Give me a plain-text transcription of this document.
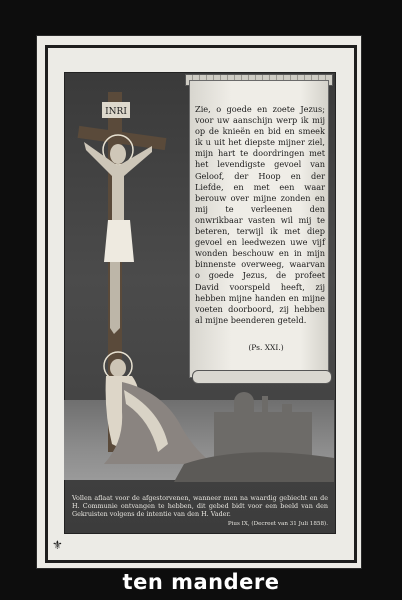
INRI	Zie, o goede en zoete Jezus; voor uw aanschijn werp ik mij op de knieën en bid en smeek ik u uit het diepste mijner ziel, mijn hart te doordringen met het levendigste gevoel van Geloof, der Hoop en der Liefde, en met een waar berouw over mijne zonden en mij te verleenen den onwrikbaar vasten wil mij te beteren, terwijl ik met diep gevoel en leedwezen uwe vijf wonden beschouw en in mijn binnenste overweeg, waarvan o goede Jezus, de profeet David voorspeld heeft, zij hebben mijne handen en mijne voeten doorboord, zij hebben al mijne beenderen geteld.
(Ps. XXI.)
Vollen aflaat voor de afgestorvenen, wanneer men na waardig gebiecht en de H. Communie ontvangen te hebben, dit gebed bidt voor een beeld van den Gekruisten volgens de intentie van den H. Vader.
Pius IX, (Decreet van 31 Juli 1858).
⚜
ten mandere
